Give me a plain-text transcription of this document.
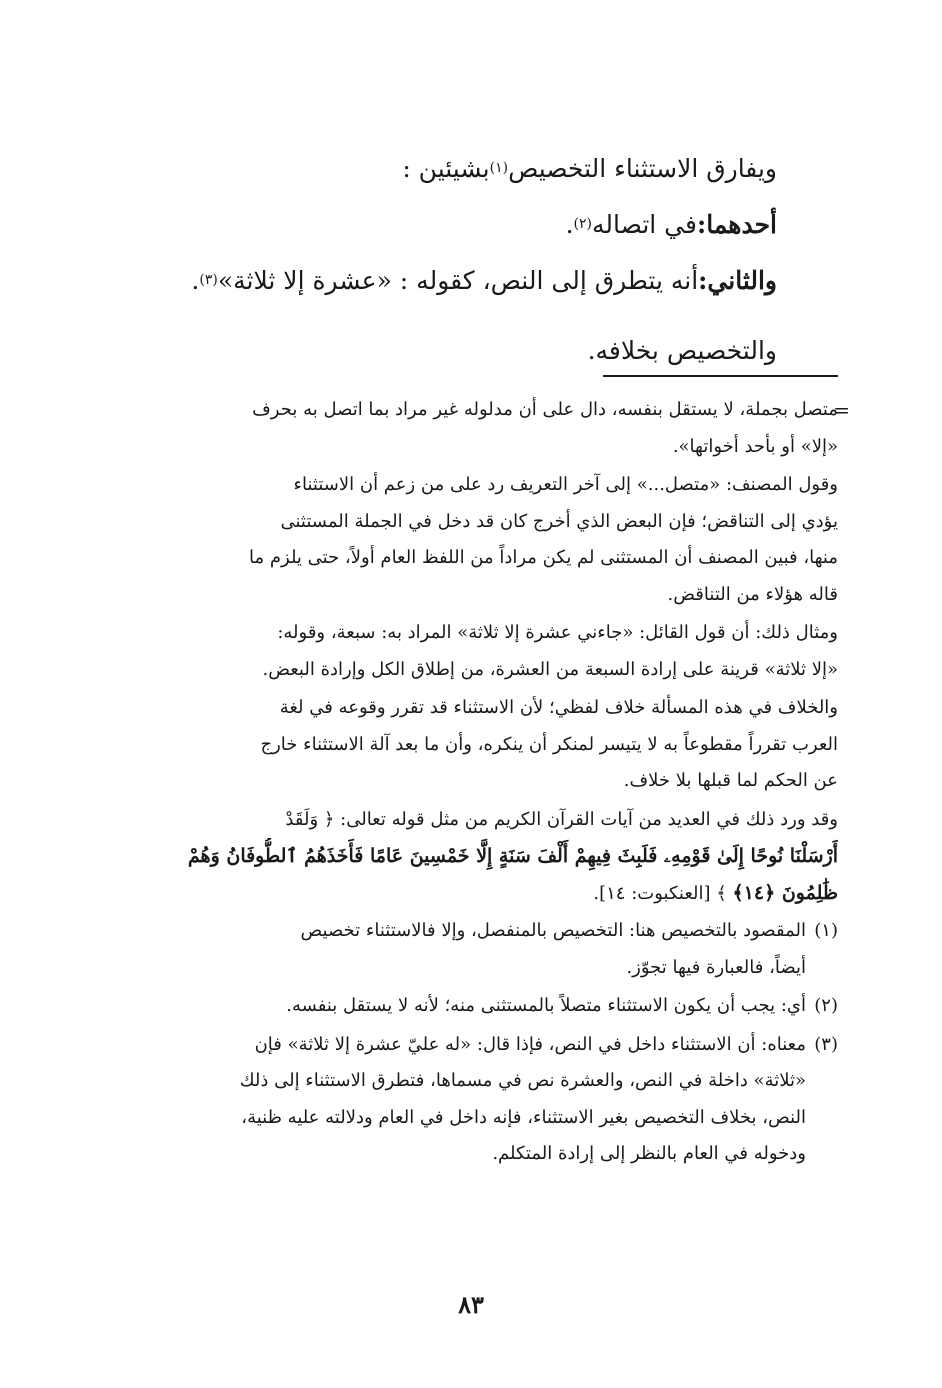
ويفارق الاستثناء التخصيص
(١)
بشيئين :

أحدهما:
في اتصاله
(٢)
.

والثاني:
أنه يتطرق إلى النص، كقوله : «عشرة إلا ثلاثة»
(٣)
.

والتخصيص بخلافه.

=
متصل بجملة، لا يستقل بنفسه، دال على أن مدلوله غير مراد بما اتصل به بحرف
«إلا» أو بأحد أخواتها».
وقول المصنف: «متصل...» إلى آخر التعريف رد على من زعم أن الاستثناء
يؤدي إلى التناقض؛ فإن البعض الذي أخرج كان قد دخل في الجملة المستثنى
منها، فبين المصنف أن المستثنى لم يكن مراداً من اللفظ العام أولاً، حتى يلزم ما
قاله هؤلاء من التناقض.
ومثال ذلك: أن قول القائل: «جاءني عشرة إلا ثلاثة» المراد به: سبعة، وقوله:
«إلا ثلاثة» قرينة على إرادة السبعة من العشرة، من إطلاق الكل وإرادة البعض.
والخلاف في هذه المسألة خلاف لفظي؛ لأن الاستثناء قد تقرر وقوعه في لغة
العرب تقرراً مقطوعاً به لا يتيسر لمنكر أن ينكره، وأن ما بعد آلة الاستثناء خارج
عن الحكم لما قبلها بلا خلاف.
وقد ورد ذلك في العديد من آيات القرآن الكريم من مثل قوله تعالى: ﴿ وَلَقَدْ
أَرْسَلْنَا نُوحًا إِلَىٰ قَوْمِهِۦ فَلَبِثَ فِيهِمْ أَلْفَ سَنَةٍ إِلَّا خَمْسِينَ عَامًا فَأَخَذَهُمُ ٱلطُّوفَانُ وَهُمْ
ظَٰلِمُونَ ﴿١٤﴾ ﴾ [العنكبوت: ١٤].
(١)
المقصود بالتخصيص هنا: التخصيص بالمنفصل، وإلا فالاستثناء تخصيص
أيضاً، فالعبارة فيها تجوّز.
(٢)
أي: يجب أن يكون الاستثناء متصلاً بالمستثنى منه؛ لأنه لا يستقل بنفسه.
(٣)
معناه: أن الاستثناء داخل في النص، فإذا قال: «له عليّ عشرة إلا ثلاثة» فإن
«ثلاثة» داخلة في النص، والعشرة نص في مسماها، فتطرق الاستثناء إلى ذلك
النص، بخلاف التخصيص بغير الاستثناء، فإنه داخل في العام ودلالته عليه ظنية،
ودخوله في العام بالنظر إلى إرادة المتكلم.
٨٣
